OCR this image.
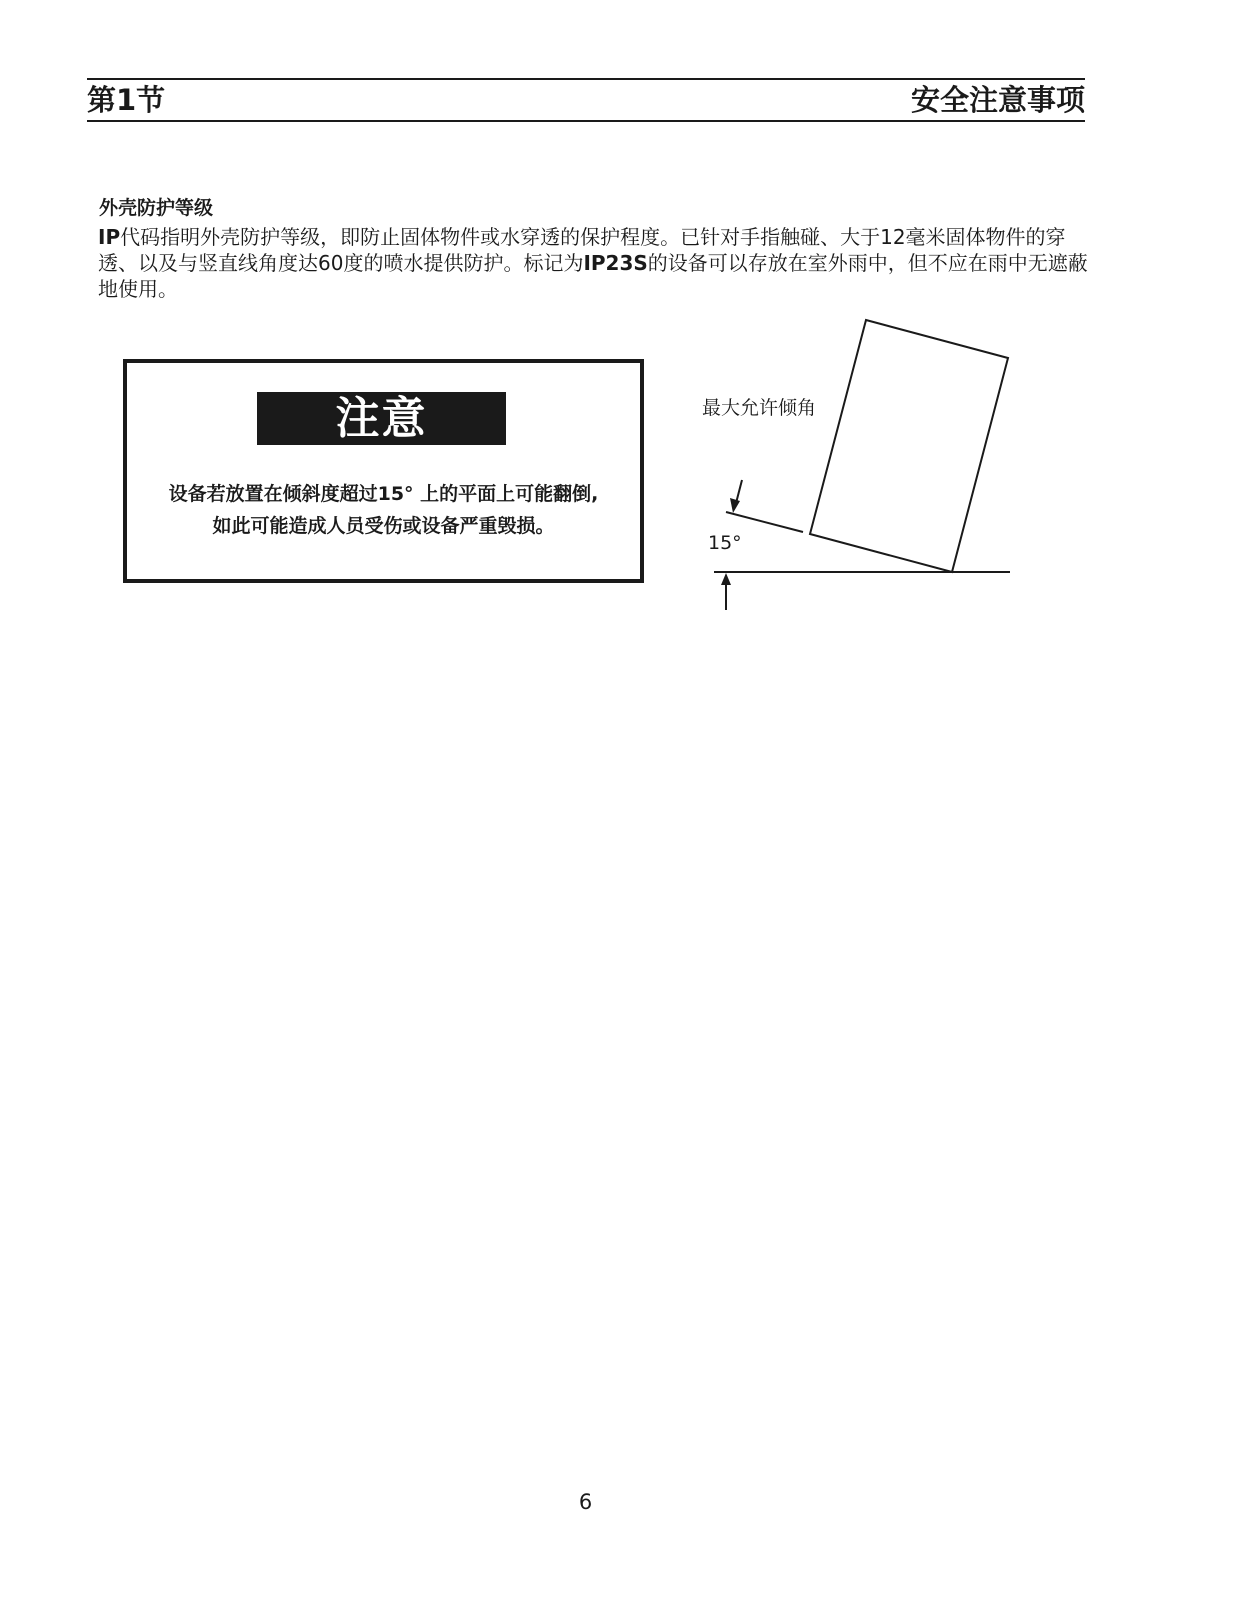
第1节	安全注意事项
外壳防护等级
IP代码指明外壳防护等级，即防止固体物件或水穿透的保护程度。已针对手指触碰、大于12毫米固体物件的穿透、以及与竖直线角度达60度的喷水提供防护。标记为IP23S的设备可以存放在室外雨中，但不应在雨中无遮蔽地使用。
注意
设备若放置在倾斜度超过15° 上的平面上可能翻倒,
如此可能造成人员受伤或设备严重毁损。
最大允许倾角
15°
6
